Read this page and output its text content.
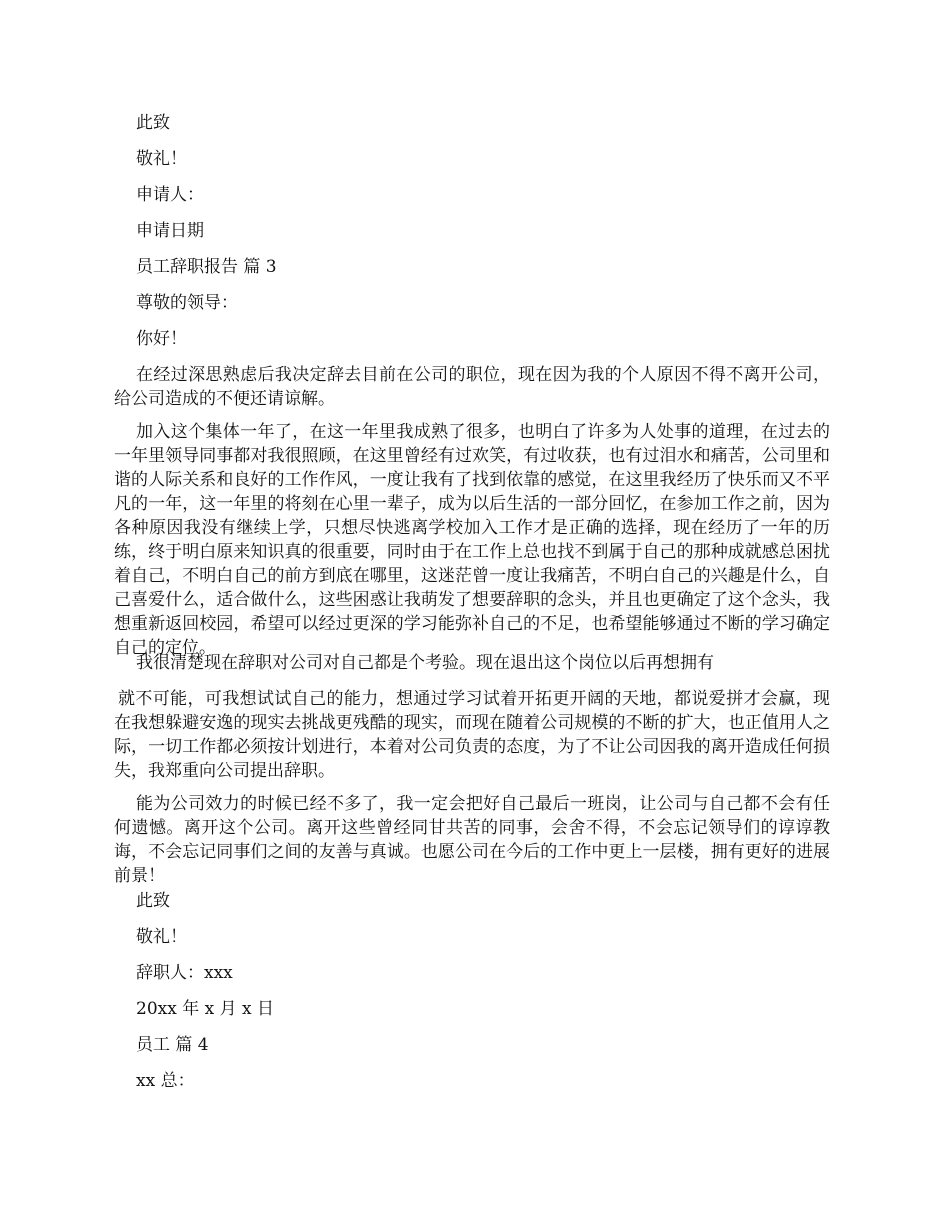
此致
敬礼！
申请人：
申请日期
员工辞职报告 篇 3
尊敬的领导：
你好！
在经过深思熟虑后我决定辞去目前在公司的职位，现在因为我的个人原因不得不离开公司，给公司造成的不便还请谅解。
加入这个集体一年了，在这一年里我成熟了很多，也明白了许多为人处事的道理，在过去的一年里领导同事都对我很照顾，在这里曾经有过欢笑，有过收获，也有过泪水和痛苦，公司里和谐的人际关系和良好的工作作风，一度让我有了找到依靠的感觉，在这里我经历了快乐而又不平凡的一年，这一年里的将刻在心里一辈子，成为以后生活的一部分回忆，在参加工作之前，因为各种原因我没有继续上学，只想尽快逃离学校加入工作才是正确的选择，现在经历了一年的历练，终于明白原来知识真的很重要，同时由于在工作上总也找不到属于自己的那种成就感总困扰着自己，不明白自己的前方到底在哪里，这迷茫曾一度让我痛苦，不明白自己的兴趣是什么，自己喜爱什么，适合做什么，这些困惑让我萌发了想要辞职的念头，并且也更确定了这个念头，我想重新返回校园，希望可以经过更深的学习能弥补自己的不足，也希望能够通过不断的学习确定自己的定位。
我很清楚现在辞职对公司对自己都是个考验。现在退出这个岗位以后再想拥有
就不可能，可我想试试自己的能力，想通过学习试着开拓更开阔的天地，都说爱拼才会赢，现在我想躲避安逸的现实去挑战更残酷的现实，而现在随着公司规模的不断的扩大，也正值用人之际，一切工作都必须按计划进行，本着对公司负责的态度，为了不让公司因我的离开造成任何损失，我郑重向公司提出辞职。
能为公司效力的时候已经不多了，我一定会把好自己最后一班岗，让公司与自己都不会有任何遗憾。离开这个公司。离开这些曾经同甘共苦的同事，会舍不得，不会忘记领导们的谆谆教诲，不会忘记同事们之间的友善与真诚。也愿公司在今后的工作中更上一层楼，拥有更好的进展前景！
此致
敬礼！
辞职人：xxx
20xx 年 x 月 x 日
员工 篇 4
xx 总：
